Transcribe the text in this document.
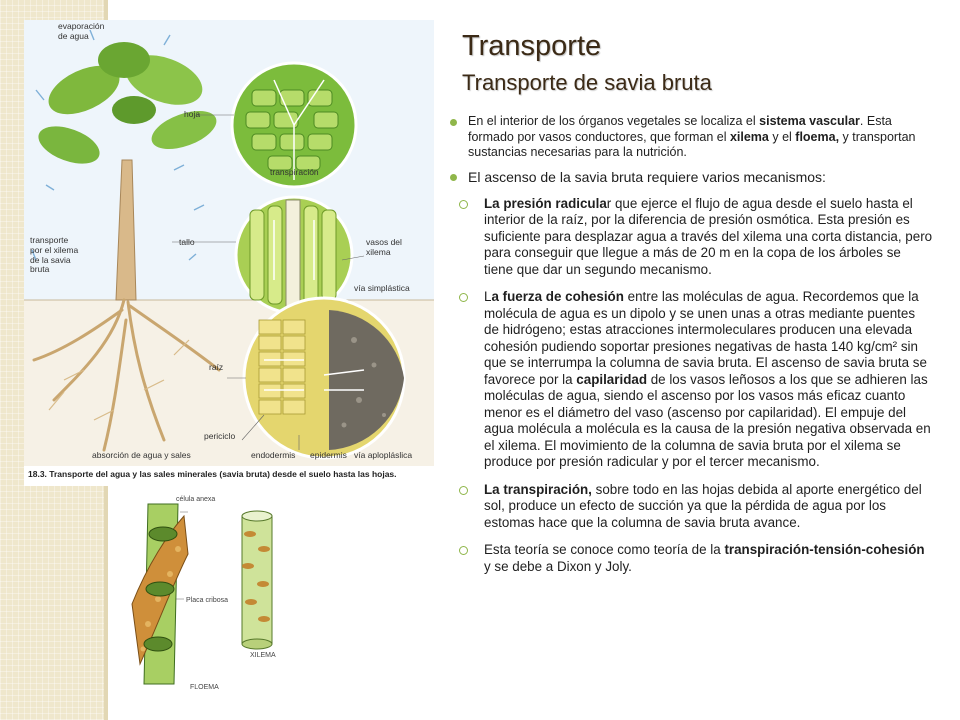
evaporación
de agua
hoja
transpiración
transporte
por el xilema
de la savia
bruta
tallo	vasos del
xilema
vía simplástica
raíz
periciclo
absorción de agua y sales	endodermis epidermis vía aplopláslica
18.3. Transporte del agua y las sales minerales (savia bruta) desde el suelo hasta las hojas.
célula anexa
Placa cribosa
XILEMA
FLOEMA
Transporte
Transporte de savia bruta
En el interior de los órganos vegetales se localiza el sistema vascular. Esta formado por vasos conductores, que forman el xilema y el floema, y transportan sustancias necesarias para la nutrición.
El ascenso de la savia bruta requiere varios mecanismos:
La presión radicular que ejerce el flujo de agua desde el suelo hasta el interior de la raíz, por la diferencia de presión osmótica. Esta presión es suficiente para desplazar agua a través del xilema una corta distancia, pero para conseguir que llegue a más de 20 m en la copa de los árboles se tiene que dar un segundo mecanismo.
La fuerza de cohesión entre las moléculas de agua. Recordemos que la molécula de agua es un dipolo y se unen unas a otras mediante puentes de hidrógeno; estas atracciones intermoleculares producen una elevada cohesión pudiendo soportar presiones negativas de hasta 140 kg/cm² sin que se interrumpa la columna de savia bruta. El ascenso de savia bruta se favorece por la capilaridad de los vasos leñosos a los que se adhieren las moléculas de agua, siendo el ascenso por los vasos más eficaz cuanto menor es el diámetro del vaso (ascenso por capilaridad). El empuje del agua molécula a molécula es la causa de la presión negativa observada en el xilema. El movimiento de la columna de savia bruta por el xilema se produce por presión radicular y por el tercer mecanismo.
La transpiración, sobre todo en las hojas debida al aporte energético del sol, produce un efecto de succión ya que la pérdida de agua por los estomas hace que la columna de savia bruta avance.
Esta teoría se conoce como teoría de la transpiración-tensión-cohesión y se debe a Dixon y Joly.
